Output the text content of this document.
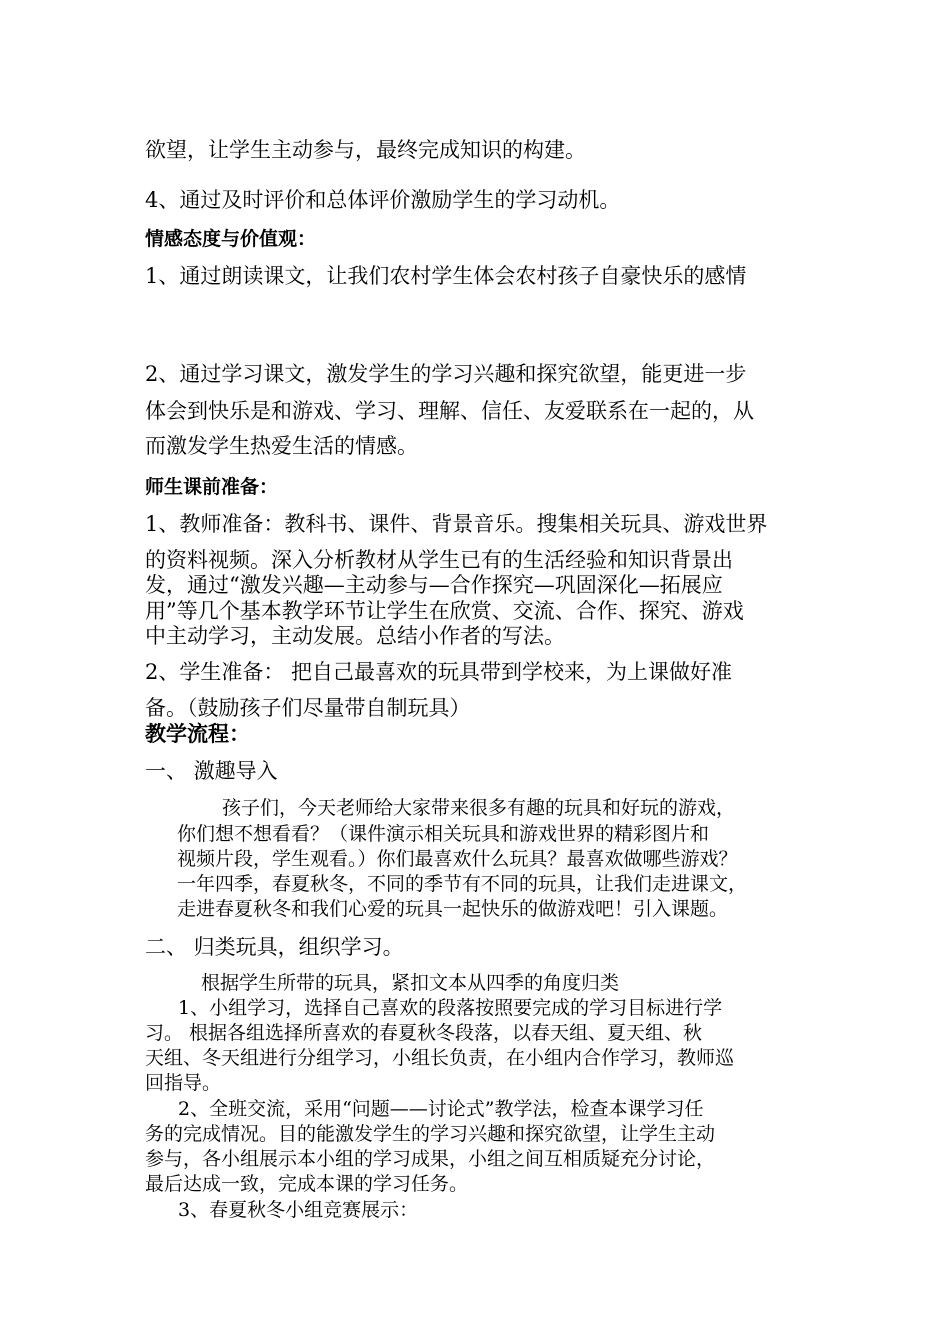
欲望，让学生主动参与，最终完成知识的构建。

4、通过及时评价和总体评价激励学生的学习动机。

情感态度与价值观：

1、通过朗读课文，让我们农村学生体会农村孩子自豪快乐的感情

2、通过学习课文，激发学生的学习兴趣和探究欲望，能更进一步

体会到快乐是和游戏、学习、理解、信任、友爱联系在一起的，从

而激发学生热爱生活的情感。

师生课前准备：

1、教师准备：教科书、课件、背景音乐。搜集相关玩具、游戏世界

的资料视频。深入分析教材从学生已有的生活经验和知识背景出

发，通过“激发兴趣—主动参与—合作探究—巩固深化—拓展应

用”等几个基本教学环节让学生在欣赏、交流、合作、探究、游戏

中主动学习，主动发展。总结小作者的写法。

2、学生准备： 把自己最喜欢的玩具带到学校来，为上课做好准

备。（鼓励孩子们尽量带自制玩具）

教学流程：

一、 激趣导入

孩子们，今天老师给大家带来很多有趣的玩具和好玩的游戏，

你们想不想看看？（课件演示相关玩具和游戏世界的精彩图片和

视频片段，学生观看。）你们最喜欢什么玩具？最喜欢做哪些游戏？

一年四季，春夏秋冬，不同的季节有不同的玩具，让我们走进课文，

走进春夏秋冬和我们心爱的玩具一起快乐的做游戏吧！引入课题。

二、 归类玩具，组织学习。

根据学生所带的玩具，紧扣文本从四季的角度归类

1、小组学习，选择自己喜欢的段落按照要完成的学习目标进行学

习。 根据各组选择所喜欢的春夏秋冬段落，以春天组、夏天组、秋

天组、冬天组进行分组学习，小组长负责，在小组内合作学习，教师巡

回指导。

2、全班交流，采用“问题——讨论式”教学法，检查本课学习任

务的完成情况。目的能激发学生的学习兴趣和探究欲望，让学生主动

参与，各小组展示本小组的学习成果，小组之间互相质疑充分讨论，

最后达成一致，完成本课的学习任务。

3、春夏秋冬小组竞赛展示：
